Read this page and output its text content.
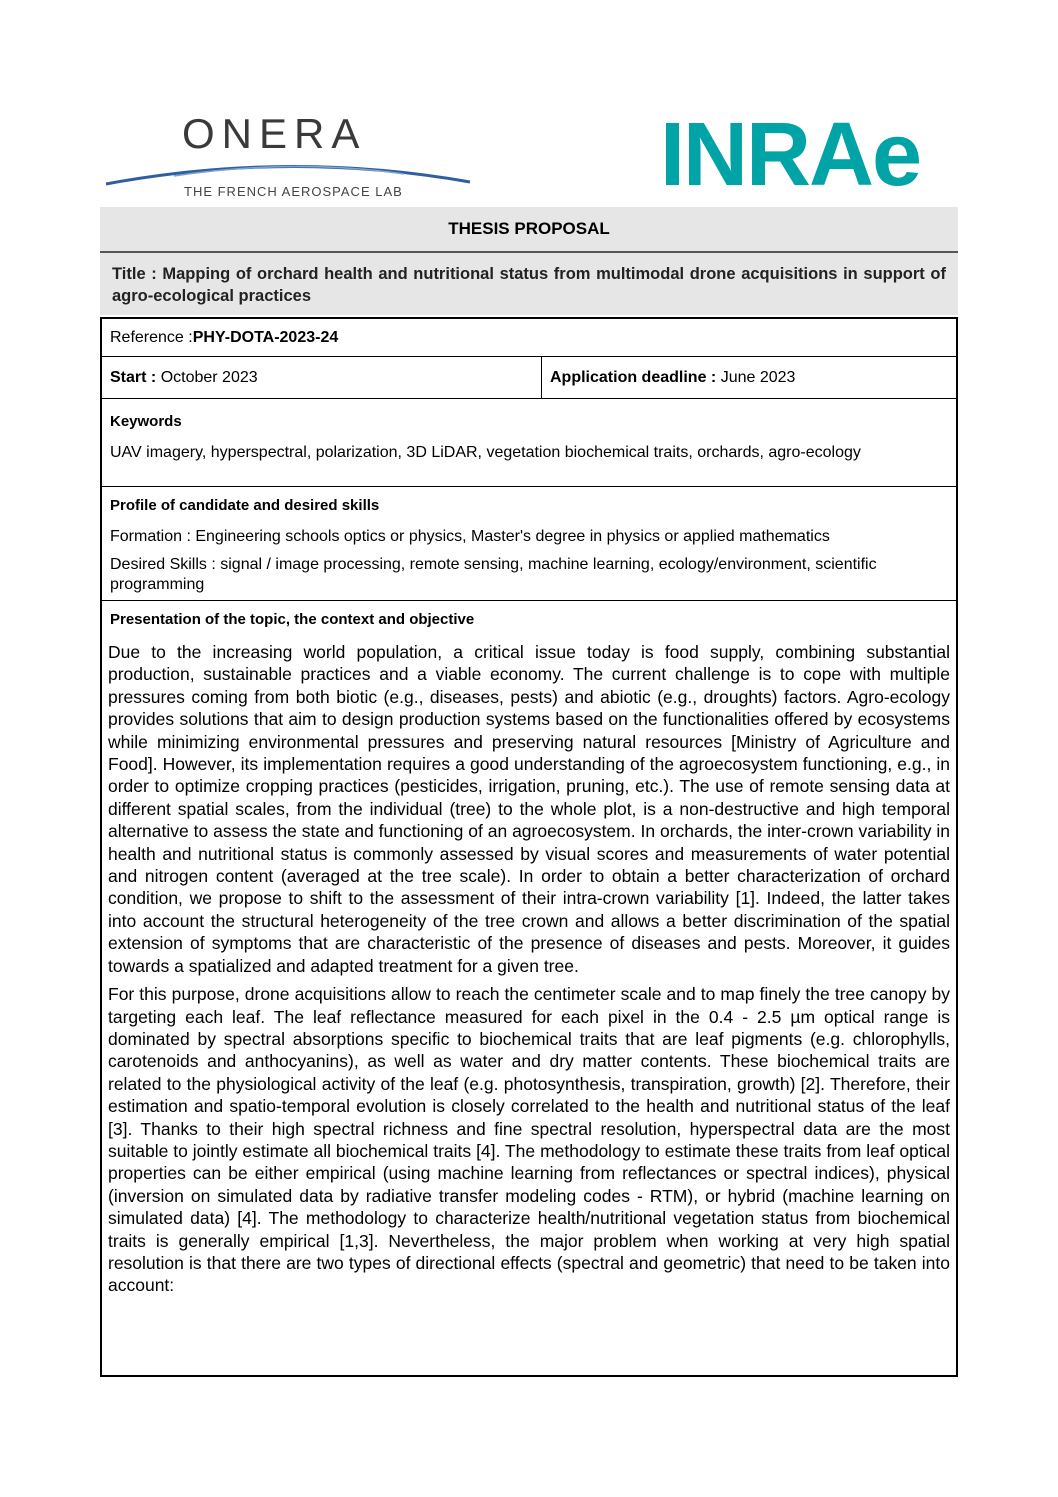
ONERA
THE FRENCH AEROSPACE LAB	INRAe
THESIS PROPOSAL
Title : Mapping of orchard health and nutritional status from multimodal drone acquisitions in support of agro-ecological practices
Reference : PHY-DOTA-2023-24
Start :
October 2023	Application deadline :
June 2023
Keywords
UAV imagery, hyperspectral, polarization, 3D LiDAR, vegetation biochemical traits, orchards, agro-ecology
Profile of candidate and desired skills
Formation : Engineering schools optics or physics, Master's degree in physics or applied mathematics
Desired Skills : signal / image processing, remote sensing, machine learning, ecology/environment, scientific programming
Presentation of the topic, the context and objective

Due to the increasing world population, a critical issue today is food supply, combining substantial production, sustainable practices and a viable economy. The current challenge is to cope with multiple pressures coming from both biotic (e.g., diseases, pests) and abiotic (e.g., droughts) factors. Agro-ecology provides solutions that aim to design production systems based on the functionalities offered by ecosystems while minimizing environmental pressures and preserving natural resources [Ministry of Agriculture and Food]. However, its implementation requires a good understanding of the agroecosystem functioning, e.g., in order to optimize cropping practices (pesticides, irrigation, pruning, etc.). The use of remote sensing data at different spatial scales, from the individual (tree) to the whole plot, is a non-destructive and high temporal alternative to assess the state and functioning of an agroecosystem. In orchards, the inter-crown variability in health and nutritional status is commonly assessed by visual scores and measurements of water potential and nitrogen content (averaged at the tree scale). In order to obtain a better characterization of orchard condition, we propose to shift to the assessment of their intra-crown variability [1]. Indeed, the latter takes into account the structural heterogeneity of the tree crown and allows a better discrimination of the spatial extension of symptoms that are characteristic of the presence of diseases and pests. Moreover, it guides towards a spatialized and adapted treatment for a given tree.

For this purpose, drone acquisitions allow to reach the centimeter scale and to map finely the tree canopy by targeting each leaf. The leaf reflectance measured for each pixel in the 0.4 - 2.5 µm optical range is dominated by spectral absorptions specific to biochemical traits that are leaf pigments (e.g. chlorophylls, carotenoids and anthocyanins), as well as water and dry matter contents. These biochemical traits are related to the physiological activity of the leaf (e.g. photosynthesis, transpiration, growth) [2]. Therefore, their estimation and spatio-temporal evolution is closely correlated to the health and nutritional status of the leaf [3]. Thanks to their high spectral richness and fine spectral resolution, hyperspectral data are the most suitable to jointly estimate all biochemical traits [4]. The methodology to estimate these traits from leaf optical properties can be either empirical (using machine learning from reflectances or spectral indices), physical (inversion on simulated data by radiative transfer modeling codes - RTM), or hybrid (machine learning on simulated data) [4]. The methodology to characterize health/nutritional vegetation status from biochemical traits is generally empirical [1,3]. Nevertheless, the major problem when working at very high spatial resolution is that there are two types of directional effects (spectral and geometric) that need to be taken into account:
